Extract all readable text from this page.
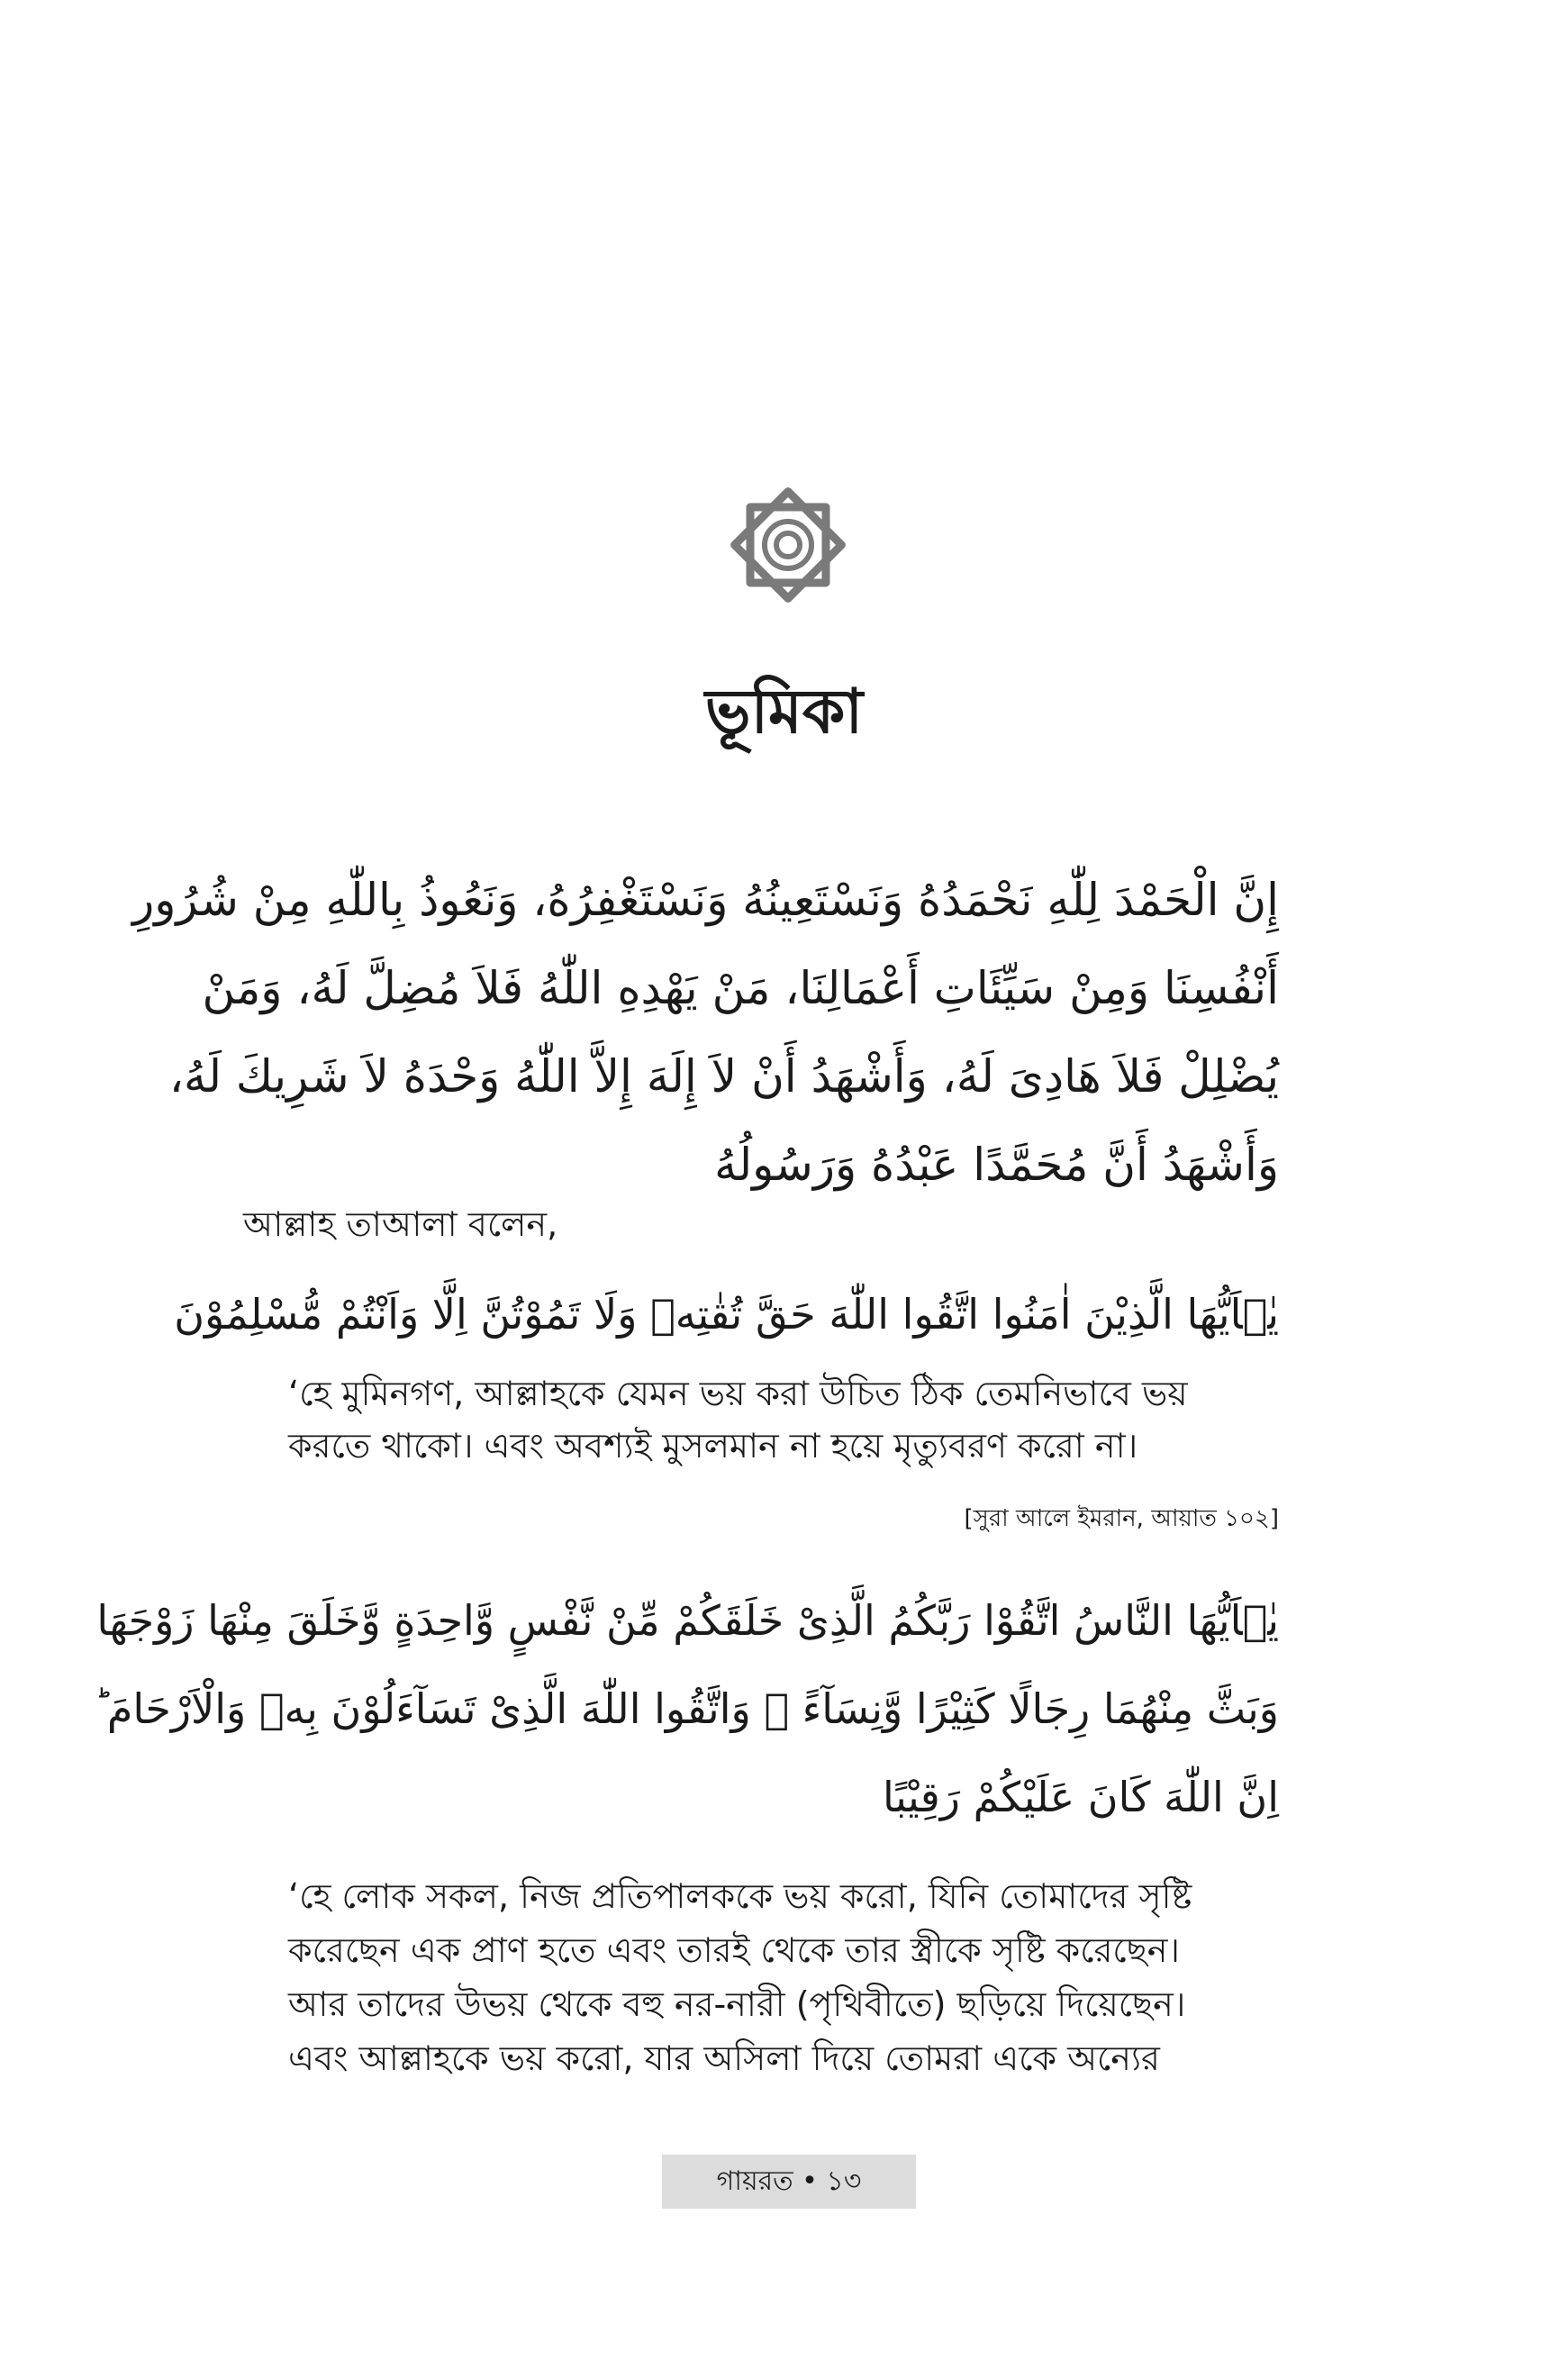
ভূমিকা
إِنَّ الْحَمْدَ لِلّٰهِ نَحْمَدُهُ وَنَسْتَعِينُهُ وَنَسْتَغْفِرُهُ، وَنَعُوذُ بِاللّٰهِ مِنْ شُرُورِ
أَنْفُسِنَا وَمِنْ سَيِّئَاتِ أَعْمَالِنَا، مَنْ يَهْدِهِ اللّٰهُ فَلاَ مُضِلَّ لَهُ، وَمَنْ
يُضْلِلْ فَلاَ هَادِىَ لَهُ، وَأَشْهَدُ أَنْ لاَ إِلَهَ إِلاَّ اللّٰهُ وَحْدَهُ لاَ شَرِيكَ لَهُ،
وَأَشْهَدُ أَنَّ مُحَمَّدًا عَبْدُهُ وَرَسُولُهُ
আল্লাহ তাআলা বলেন,
يٰۤاَيُّهَا الَّذِيْنَ اٰمَنُوا اتَّقُوا اللّٰهَ حَقَّ تُقٰتِهٖ وَلَا تَمُوْتُنَّ اِلَّا وَاَنْتُمْ مُّسْلِمُوْنَ
‘হে মুমিনগণ, আল্লাহকে যেমন ভয় করা উচিত ঠিক তেমনিভাবে ভয়
করতে থাকো। এবং অবশ্যই মুসলমান না হয়ে মৃত্যুবরণ করো না।
[সুরা আলে ইমরান, আয়াত ১০২]
يٰۤاَيُّهَا النَّاسُ اتَّقُوْا رَبَّكُمُ الَّذِىْ خَلَقَكُمْ مِّنْ نَّفْسٍ وَّاحِدَةٍ وَّخَلَقَ مِنْهَا زَوْجَهَا
وَبَثَّ مِنْهُمَا رِجَالًا كَثِيْرًا وَّنِسَآءً ۚ وَاتَّقُوا اللّٰهَ الَّذِىْ تَسَآءَلُوْنَ بِهٖ وَالْاَرْحَامَ ؕ
اِنَّ اللّٰهَ كَانَ عَلَيْكُمْ رَقِيْبًا
‘হে লোক সকল, নিজ প্রতিপালককে ভয় করো, যিনি তোমাদের সৃষ্টি
করেছেন এক প্রাণ হতে এবং তারই থেকে তার স্ত্রীকে সৃষ্টি করেছেন।
আর তাদের উভয় থেকে বহু নর-নারী (পৃথিবীতে) ছড়িয়ে দিয়েছেন।
এবং আল্লাহকে ভয় করো, যার অসিলা দিয়ে তোমরা একে অন্যের
গায়রত • ১৩
